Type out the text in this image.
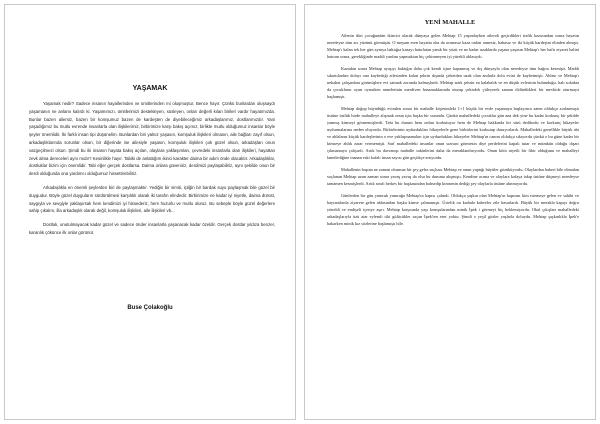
YAŞAMAK

Yaşamak nedir? Sadece insanın hayallerinden ve ümitlerinden mi oluşmuştur. Bence hayır. Çünkü bunlardan oluşsaydı yaşamanın ne anlamı kalırdı ki. Yaşamımızı, ümitlerimizi destekleyen, süsleyen, onları değerli kılan birileri vardır hayatımızda. Bunlar bazen ailemiz, bazen bir komşumuz bazen de kardeşten de diyebileceğimiz arkadaşlarımız, dostlarımızdır. Yani yaşadığımız bu mutlu evrende insanlarla olan ilişkilerimiz, birbirimize karşı bakış açımız, birlikte mutlu olduğumuz insanlar böyle şeyler önemlidir. İki farklı insan tipi düşünelim. Bunlardan biri yalnız yaşasın, komşuluk ilişkileri olmasın, aile bağları zayıf olsun, arkadaşlıklarında sorunlar olsun, bir diğerinde ise ailesiyle yaşasın, komşuluk ilişkileri çok güzel olsun, arkadaşları onun vazgeçilmezi olsun. Şimdi bu iki insanın hayata bakış açıları, olaylara yaklaşımları, çevredeki insanlarla olan ilişkileri, hayattan zevk alma dereceleri aynı mıdır? Kesinlikle hayır. Tabiki de anlattığım ikinci karakter daima bir adım önde olacaktır. Arkadaşlıklar, dostluklar bizim için önemlidir. Tabi eğer gerçek dostlarsa. Daima onlara güveniriz, derdimizi paylaşabiliriz, aynı şekilde onun bir derdi olduğunda ona yardımcı olduğumuz hissettirebiliriz.

Arkadaşlıkla en önemli şeylerden biri de paylaşmaktır. Yediğin bir simiti, içtiğin bir bardak suyu paylaşmak bile güzel bir duygudur. Böyle güzel duyguların sürdürülmesi karşılıklı olarak iki tarafın elindedir. Birbirimize ne kadar iyi niyetle, daima dürüst, saygıyla ve sevgiyle yaklaşırsak hem kendimizi iyi hissederiz, hem huzurlu ve mutlu oluruz. Bu sebeple böyle güzel değerlere sahip çıkalım, illa arkadaşlık olarak değil, komşuluk ilişkileri, aile ilişkileri vb...

Dostluk, unutulmayacak kadar güzel ve sadece önder insanlarla yaşanacak kadar özeldir. Gerçek dostlar yıldıza benzer, karanlık çökünce ilk onlar görünür.

Buse Çolakoğlu
YENİ MAHALLE

Ailenin dört çocuğundan ikincisi olarak dünyaya gelen Mehtap 15 yaşındayken ailecek geçirdikleri trafik kazasından sonra hayatın neredeyse tüm acı yüzünü görmüştü. O meşum esen hayatta oba da acımasız kaza onları annesiz, babasız ve iki küçük kardeşini elinden almıştı. Mehtap'ı kalan tek her gün aynıya baktığıa kazayı hatırlatan yanık bir yüzü ve ne kadar uzaklarda yaşasa yaşasın Mehtap'ı her haftı ziyaret halini hatıran sonra, gerekliğinde maddi yardım yapmaktan hiç çekinmeyen iyi yürekli ablasıydı.

Kazadan sonra Mehtap ayaşıyı baktığın daha çok kendi içine kapanmış ve dış dünyayla olan neredeyse tüm bağını kesmişti. Maddi sıkıntılardan dolayı ona kaybettiği ailesinden kalan şehrin dışında şirketden uzak olan anılarla dolu evini de kaybetmişti. Ablası ve Mehtap'ı nekahat çalışanlara görünüşlere evi satmak zorunda kalmışlardı. Mehtap artık şehrin en kalabalık ve en düşük evlerinin bulunduğu, halı sokakta da çocukların oyun oynarken annelerinin merdiven basamaklarında oturup çekirdek çitleyerek zaman öldürdükleri bir mevkide oturmaya başlamıştı.

Mehtap doğup büyüdüğü evinden sonra bir mahalle köşesindeki 1+1 küçük bir evde yaşamaya başlayınca zaten oldukça zorlanmıştı üstüne üstlük birde mahalleye alışmak onun için başka bir sorundu. Çünkü mahalledeki çocuklar gün ana dek yine bu kadar korkunç bir şekilde yanmış kimseyi görmemişlerdi. Tabi bu durum hem onları korkutuyor hem de Mehtap hakkında bir sürü dedikodu ve korkunç hikayeler uydurmalarına neden oluyordu. Birbirlerinin uydurdukları hikayelerle gene birbirlerini korkutup duruyorlardı. Mahalledeki genellikle büyük abi ve ablaların küçük kardeşlerinin o eve yaklaşmamaları için uydurdukları hikayeler Mehtap'ın canını oldukça sıkıyordu çünkü o bu güne kadar bir kimseye ahlık zarar vermemişti. Sarf mahalledeki insanlar onun sızısını görmesin diye perdelerini kapalı tutar ve mümkün olduğu dışarı çıkmamaya çalışırdı. Artık bu davranışı mahalle sakinlerini daha da meraklandırıyordu. Onun kötü niyetli bir fikir olduğunu ve mahalleyi lanetlediğine inanan eski kafalı insan sayısı gün geçtikçe artıyordu.

Mahallenin başına ne zaman olumsuz bir şey gelse suçlusu Mehtap ve onun yaptığı büyüler gözüküyordu. Olaylardan haberi bile olmadan suçlanan Mehtap uzun zaman sonra yavaş yavaş da olsa bu duruma alışmıştı. Kendine acıma ve olaylara kafaya takıp üstüne düşmeyi neredeyse tamamen kesmişlerdi. Artık sınıfı herkes bir başkasından bahsedip kimsenin dediği şey olaylarla üstüne alınmıyordu.

Günlerden bir gün yumruk yumruğa Mehtap'ın kapısı çalındı. Oldukça şaşkın olan Mehtap'ın kapısını kim istemeye gelen ev sahibi ve bayramlarda ziyarete gelen ablasından başka kimse çalmamıştı. Üstelik on kadada kahveler zile basarlardı. Büyük bir merakla kapıyı doğru yöneldi ve endişeli içeriye aşırı. Mehtap karşısında yaşı komşularından minik İpek i görmeyi hiç beklemiyordu. Okul çıkışları mahalledeki arkadaşlarıyla üzü atar eylemli tiki gülücükler saçan İpek'ten eser yoktu. Şimdi o yeşil gözler yaşlarla doluydu. Mehtap şaşkınlıkla İpek'e bakarken minik kız sözlerine başlamıştı bile.
